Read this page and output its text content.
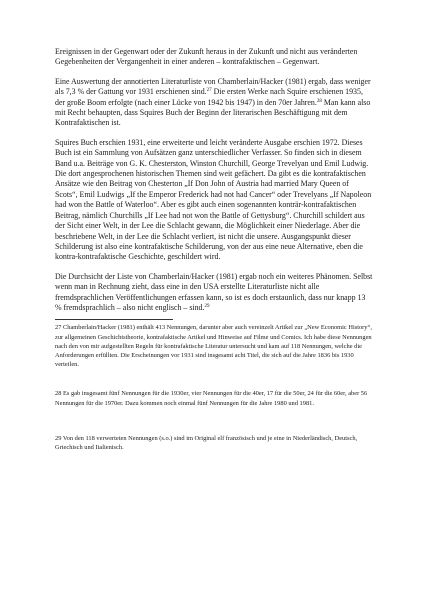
Ereignissen in der Gegenwart oder der Zukunft heraus in der Zukunft und nicht aus veränderten Gegebenheiten der Vergangenheit in einer anderen – kontrafaktischen – Gegenwart.

Eine Auswertung der annotierten Literaturliste von Chamberlain/Hacker (1981) ergab, dass weniger als 7,3 % der Gattung vor 1931 erschienen sind.$^{27}$ Die ersten Werke nach Squire erschienen 1935, der große Boom erfolgte (nach einer Lücke von 1942 bis 1947) in den 70er Jahren.$^{28}$ Man kann also mit Recht behaupten, dass Squires Buch der Beginn der literarischen Beschäftigung mit dem Kontrafaktischen ist.

Squires Buch erschien 1931, eine erweiterte und leicht veränderte Ausgabe erschien 1972. Dieses Buch ist ein Sammlung von Aufsätzen ganz unterschiedlicher Verfasser. So finden sich in diesem Band u.a. Beiträge von G. K. Chesterston, Winston Churchill, George Trevelyan und Emil Ludwig. Die dort angesprochenen historischen Themen sind weit gefächert. Da gibt es die kontrafaktischen Ansätze wie den Beitrag von Chesterton „If Don John of Austria had married Mary Queen of Scots“, Emil Ludwigs „If the Emperor Frederick had not had Cancer“ oder Trevelyans „If Napoleon had won the Battle of Waterloo“. Aber es gibt auch einen sogenannten konträr-kontrafaktischen Beitrag, nämlich Churchills „If Lee had not won the Battle of Gettysburg“. Churchill schildert aus der Sicht einer Welt, in der Lee die Schlacht gewann, die Möglichkeit einer Niederlage. Aber die beschriebene Welt, in der Lee die Schlacht verliert, ist nicht die unsere. Ausgangspunkt dieser Schilderung ist also eine kontrafaktische Schilderung, von der aus eine neue Alternative, eben die kontra-kontrafaktische Geschichte, geschildert wird.

Die Durchsicht der Liste von Chamberlain/Hacker (1981) ergab noch ein weiteres Phänomen. Selbst wenn man in Rechnung zieht, dass eine in den USA erstellte Literaturliste nicht alle fremdsprachlichen Veröffentlichungen erfassen kann, so ist es doch erstaunlich, dass nur knapp 13 % fremdsprachlich – also nicht englisch – sind.$^{29}$

27 Chamberlain/Hacker (1981) enthält 413 Nennungen, darunter aber auch vereinzelt Artikel zur „New Economic History“, zur allgemeinen Geschichtstheorie, kontrafaktische Artikel und Hinweise auf Filme und Comics. Ich habe diese Nennungen nach den von mir aufgestellten Regeln für kontrafaktische Literatur untersucht und kam auf 118 Nennungen, welche die Anforderungen erfüllten. Die Erscheinungen vor 1931 sind insgesamt acht Titel, die sich auf die Jahre 1836 bis 1930 verteilen.

28 Es gab insgesamt fünf Nennungen für die 1930er, vier Nennungen für die 40er, 17 für die 50er, 24 für die 60er, aber 56 Nennungen für die 1970er. Dazu kommen noch einmal fünf Nennungen für die Jahre 1980 und 1981.

29 Von den 118 verwerteten Nennungen (s.o.) sind im Original elf französisch und je eine in Niederländisch, Deutsch, Griechisch und Italienisch.
